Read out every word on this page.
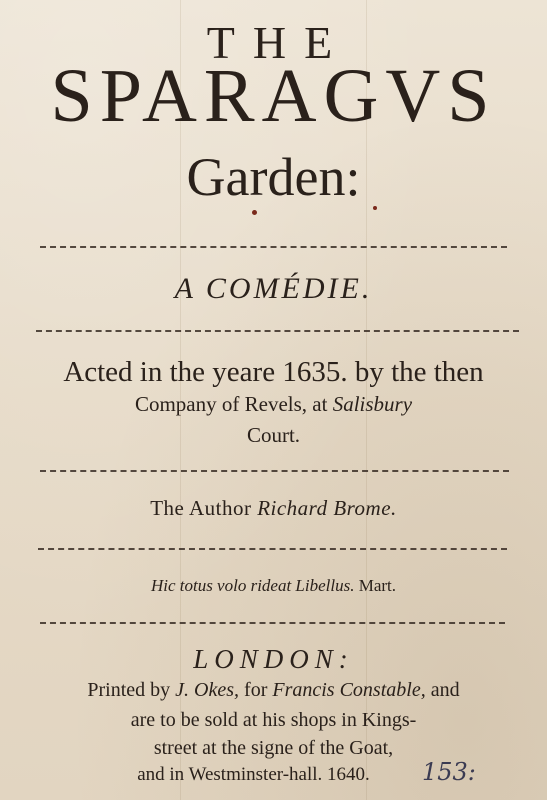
THE
SPARAGVS
Garden:
A COMÉDIE.
Acted in the yeare 1635. by the then
Company of Revels, at Salisbury
Court.
The Author Richard Brome.
Hic totus volo rideat Libellus. Mart.
LONDON:
Printed by J. Okes, for Francis Constable, and
are to be sold at his shops in Kings-
street at the signe of the Goat,
and in Westminster-hall. 1640.	153:
